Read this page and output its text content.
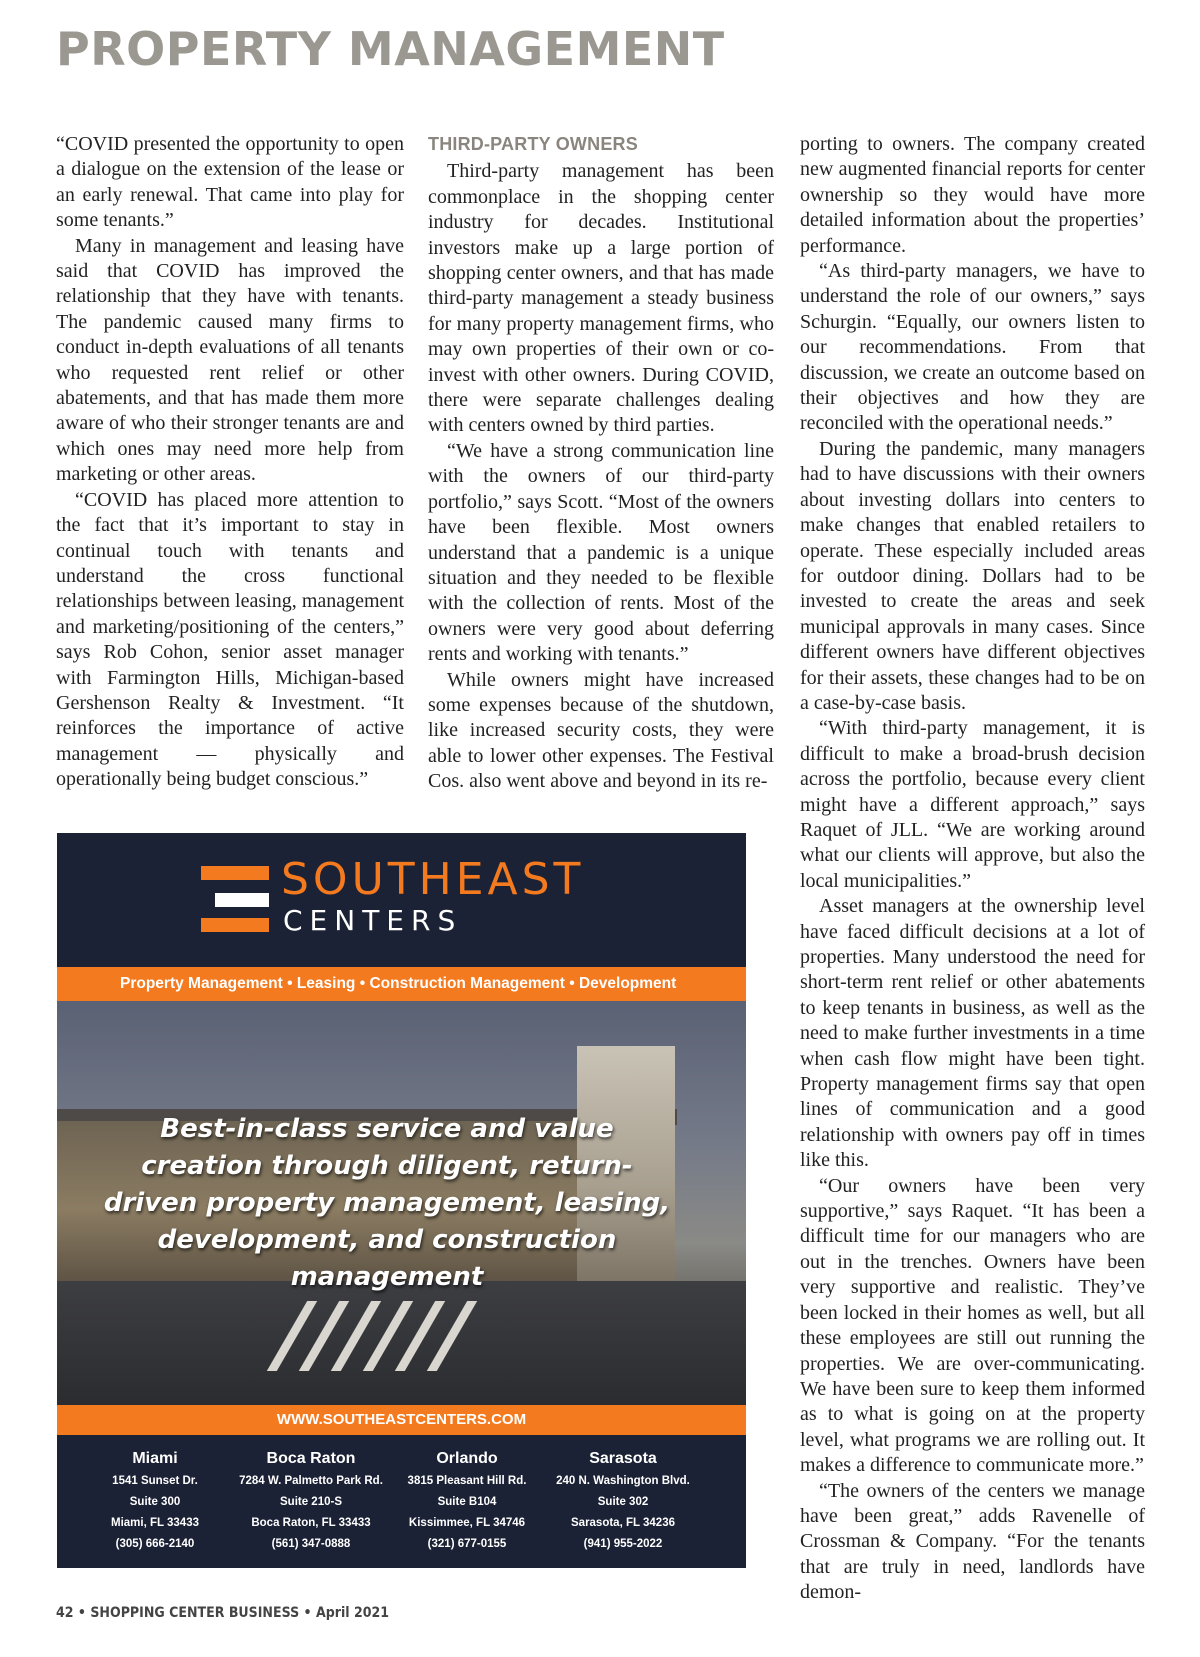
PROPERTY MANAGEMENT

“COVID presented the opportunity to open a dialogue on the extension of the lease or an early renewal. That came into play for some tenants.”

Many in management and leasing have said that COVID has improved the relationship that they have with tenants. The pandemic caused many firms to conduct in-depth evaluations of all tenants who requested rent relief or other abatements, and that has made them more aware of who their stronger tenants are and which ones may need more help from marketing or other areas.

“COVID has placed more attention to the fact that it’s important to stay in continual touch with tenants and understand the cross functional relationships between leasing, management and marketing/positioning of the centers,” says Rob Cohon, senior asset manager with Farmington Hills, Michigan-based Gershenson Realty & Investment. “It reinforces the importance of active management — physically and operationally being budget conscious.”

THIRD-PARTY OWNERS

Third-party management has been commonplace in the shopping center industry for decades. Institutional investors make up a large portion of shopping center owners, and that has made third-party management a steady business for many property management firms, who may own properties of their own or co-invest with other owners. During COVID, there were separate challenges dealing with centers owned by third parties.

“We have a strong communication line with the owners of our third-party portfolio,” says Scott. “Most of the owners have been flexible. Most owners understand that a pandemic is a unique situation and they needed to be flexible with the collection of rents. Most of the owners were very good about deferring rents and working with tenants.”

While owners might have increased some expenses because of the shutdown, like increased security costs, they were able to lower other expenses. The Festival Cos. also went above and beyond in its re-

porting to owners. The company created new augmented financial reports for center ownership so they would have more detailed information about the properties’ performance.

“As third-party managers, we have to understand the role of our owners,” says Schurgin. “Equally, our owners listen to our recommendations. From that discussion, we create an outcome based on their objectives and how they are reconciled with the operational needs.”

During the pandemic, many managers had to have discussions with their owners about investing dollars into centers to make changes that enabled retailers to operate. These especially included areas for outdoor dining. Dollars had to be invested to create the areas and seek municipal approvals in many cases. Since different owners have different objectives for their assets, these changes had to be on a case-by-case basis.

“With third-party management, it is difficult to make a broad-brush decision across the portfolio, because every client might have a different approach,” says Raquet of JLL. “We are working around what our clients will approve, but also the local municipalities.”

Asset managers at the ownership level have faced difficult decisions at a lot of properties. Many understood the need for short-term rent relief or other abatements to keep tenants in business, as well as the need to make further investments in a time when cash flow might have been tight. Property management firms say that open lines of communication and a good relationship with owners pay off in times like this.

“Our owners have been very supportive,” says Raquet. “It has been a difficult time for our managers who are out in the trenches. Owners have been very supportive and realistic. They’ve been locked in their homes as well, but all these employees are still out running the properties. We are over-communicating. We have been sure to keep them informed as to what is going on at the property level, what programs we are rolling out. It makes a difference to communicate more.”

“The owners of the centers we manage have been great,” adds Ravenelle of Crossman & Company. “For the tenants that are truly in need, landlords have demon-

SOUTHEAST
CENTERS
Property Management • Leasing • Construction Management • Development

Best-in-class service and value creation through diligent, return-driven property management, leasing, development, and construction management

WWW.SOUTHEASTCENTERS.COM
Miami
1541 Sunset Dr.
Suite 300
Miami, FL 33433
(305) 666-2140
Boca Raton
7284 W. Palmetto Park Rd.
Suite 210-S
Boca Raton, FL 33433
(561) 347-0888
Orlando
3815 Pleasant Hill Rd.
Suite B104
Kissimmee, FL 34746
(321) 677-0155
Sarasota
240 N. Washington Blvd.
Suite 302
Sarasota, FL 34236
(941) 955-2022
42 • SHOPPING CENTER BUSINESS • April 2021
